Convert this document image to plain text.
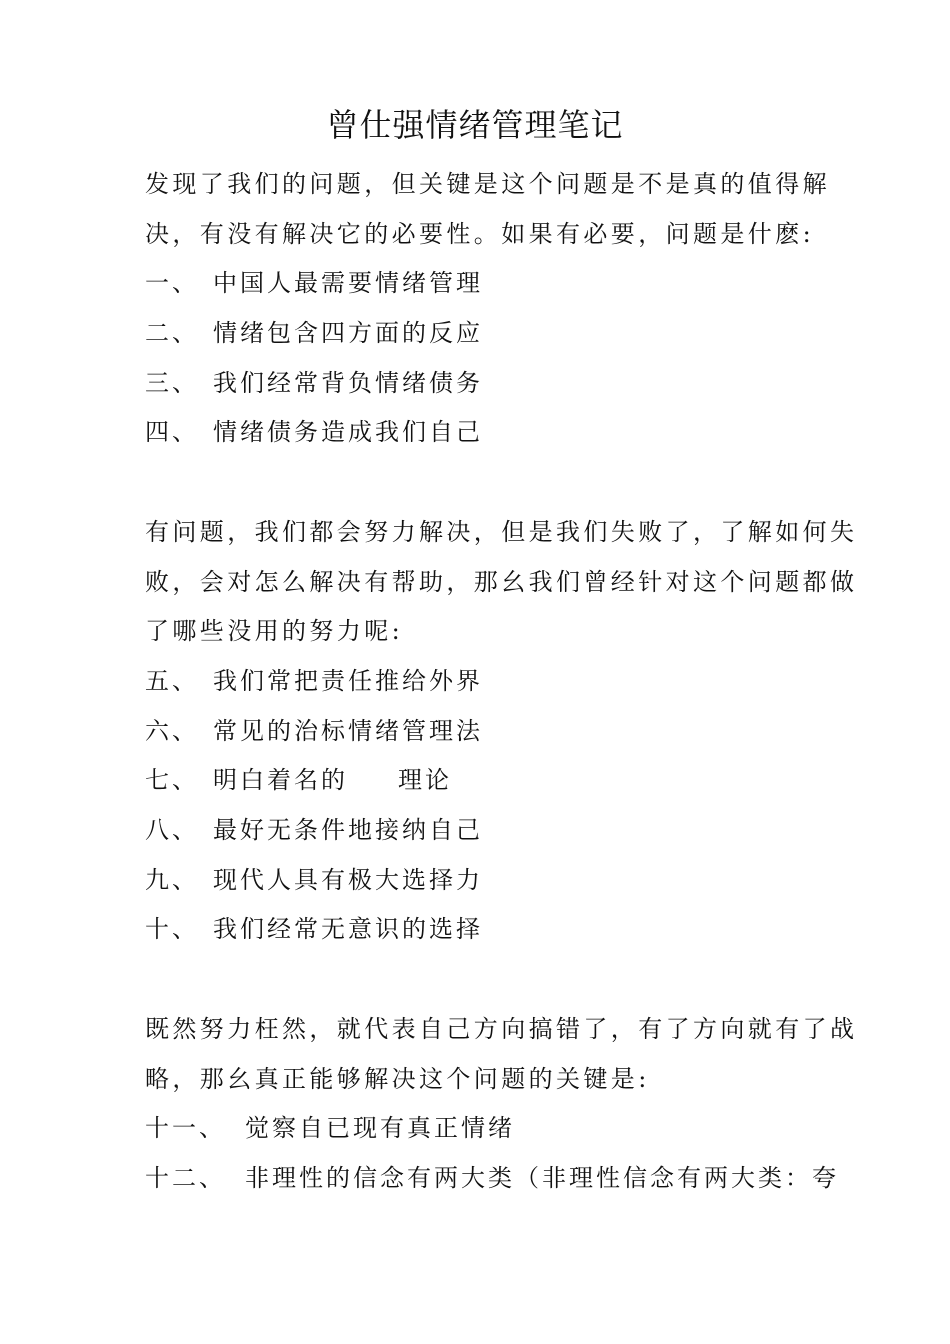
曾仕强情绪管理笔记
发现了我们的问题，但关键是这个问题是不是真的值得解
决，有没有解决它的必要性。如果有必要，问题是什麽:
一、 中国人最需要情绪管理
二、 情绪包含四方面的反应
三、 我们经常背负情绪债务
四、 情绪债务造成我们自己
有问题，我们都会努力解决，但是我们失败了，了解如何失
败，会对怎么解决有帮助，那幺我们曾经针对这个问题都做
了哪些没用的努力呢:
五、 我们常把责任推给外界
六、 常见的治标情绪管理法
七、 明白着名的 理论
八、 最好无条件地接纳自己
九、 现代人具有极大选择力
十、 我们经常无意识的选择
既然努力枉然，就代表自己方向搞错了，有了方向就有了战
略，那幺真正能够解决这个问题的关键是:
十一、 觉察自已现有真正情绪
十二、 非理性的信念有两大类（非理性信念有两大类：夸
